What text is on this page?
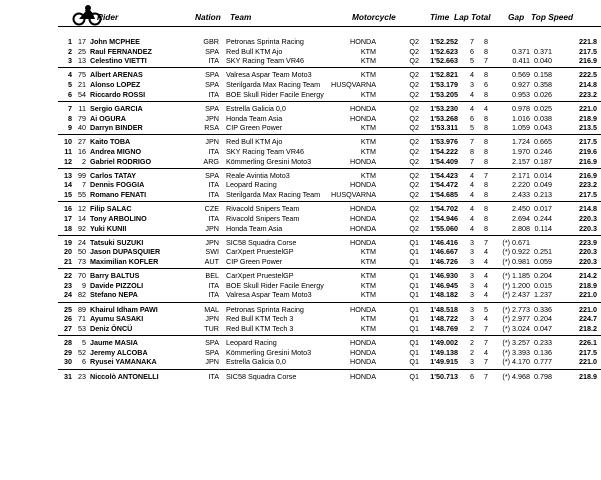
Rider	Nation Team	Motorcycle	Time Lap Total Gap Top Speed
1 17 John MCPHEE	GBR Petronas Sprinta Racing	HONDA	Q2	1'52.252	7	8	221.8
2 25 Raul FERNANDEZ	SPA Red Bull KTM Ajo	KTM	Q2	1'52.623	6	8	0.371 0.371	217.5
3 13 Celestino VIETTI	ITA SKY Racing Team VR46	KTM	Q2	1'52.663	5	7	0.411 0.040	216.9
4 75 Albert ARENAS	SPA Valresa Aspar Team Moto3	KTM	Q2	1'52.821	4	8	0.569 0.158	222.5
5 21 Alonso LOPEZ	SPA Sterilgarda Max Racing Team	HUSQVARNA	Q2	1'53.179	3	6	0.927 0.358	214.8
6 54 Riccardo ROSSI	ITA BOE Skull Rider Facile Energy	KTM	Q2	1'53.205	4	8	0.953 0.026	223.2
7 11 Sergio GARCIA	SPA Estrella Galicia 0,0	HONDA	Q2	1'53.230	4	4	0.978 0.025	221.0
8 79 Ai OGURA	JPN Honda Team Asia	HONDA	Q2	1'53.268	6	8	1.016 0.038	218.9
9 40 Darryn BINDER	RSA CIP Green Power	KTM	Q2	1'53.311	5	8	1.059 0.043	213.5
10 27 Kaito TOBA	JPN Red Bull KTM Ajo	KTM	Q2	1'53.976	7	8	1.724 0.665	217.5
11 16 Andrea MIGNO	ITA SKY Racing Team VR46	KTM	Q2	1'54.222	8	8	1.970 0.246	219.6
12	2 Gabriel RODRIGO	ARG Kömmerling Gresini Moto3	HONDA	Q2	1'54.409	7	8	2.157 0.187	216.9
13 99 Carlos TATAY	SPA Reale Avintia Moto3	KTM	Q2	1'54.423	4	7	2.171 0.014	216.9
14	7 Dennis FOGGIA	ITA Leopard Racing	HONDA	Q2	1'54.472	4	8	2.220 0.049	223.2
15 55 Romano FENATI	ITA Sterilgarda Max Racing Team	HUSQVARNA	Q2	1'54.685	4	8	2.433 0.213	217.5
16 12 Filip SALAC	CZE Rivacold Snipers Team	HONDA	Q2	1'54.702	4	8	2.450 0.017	214.8
17 14 Tony ARBOLINO	ITA Rivacold Snipers Team	HONDA	Q2	1'54.946	4	8	2.694 0.244	220.3
18 92 Yuki KUNII	JPN Honda Team Asia	HONDA	Q2	1'55.060	4	8	2.808 0.114	220.3
19 24 Tatsuki SUZUKI	JPN SIC58 Squadra Corse	HONDA	Q1	1'46.416	3	7	(*) 0.671	223.9
20 50 Jason DUPASQUIER	SWI CarXpert PruestelGP	KTM	Q1	1'46.667	3	4	(*) 0.922 0.251	220.3
21 73 Maximilian KOFLER	AUT CIP Green Power	KTM	Q1	1'46.726	3	4	(*) 0.981 0.059	220.3
22 70 Barry BALTUS	BEL CarXpert PruestelGP	KTM	Q1	1'46.930	3	4	(*) 1.185 0.204	214.2
23	9 Davide PIZZOLI	ITA BOE Skull Rider Facile Energy	KTM	Q1	1'46.945	3	4	(*) 1.200 0.015	218.9
24 82 Stefano NEPA	ITA Valresa Aspar Team Moto3	KTM	Q1	1'48.182	3	4	(*) 2.437 1.237	221.0
25 89 Khairul Idham PAWI	MAL Petronas Sprinta Racing	HONDA	Q1	1'48.518	3	5	(*) 2.773 0.336	221.0
26 71 Ayumu SASAKI	JPN Red Bull KTM Tech 3	KTM	Q1	1'48.722	3	4	(*) 2.977 0.204	224.7
27 53 Deniz ÖNCÜ	TUR Red Bull KTM Tech 3	KTM	Q1	1'48.769	2	7	(*) 3.024 0.047	218.2
28	5 Jaume MASIA	SPA Leopard Racing	HONDA	Q1	1'49.002	2	7	(*) 3.257 0.233	226.1
29 52 Jeremy ALCOBA	SPA Kömmerling Gresini Moto3	HONDA	Q1	1'49.138	2	4	(*) 3.393 0.136	217.5
30	6 Ryusei YAMANAKA	JPN Estrella Galicia 0,0	HONDA	Q1	1'49.915	3	7	(*) 4.170 0.777	221.0
31 23 Niccolò ANTONELLI	ITA SIC58 Squadra Corse	HONDA	Q1	1'50.713	6	7	(*) 4.968 0.798	218.9
